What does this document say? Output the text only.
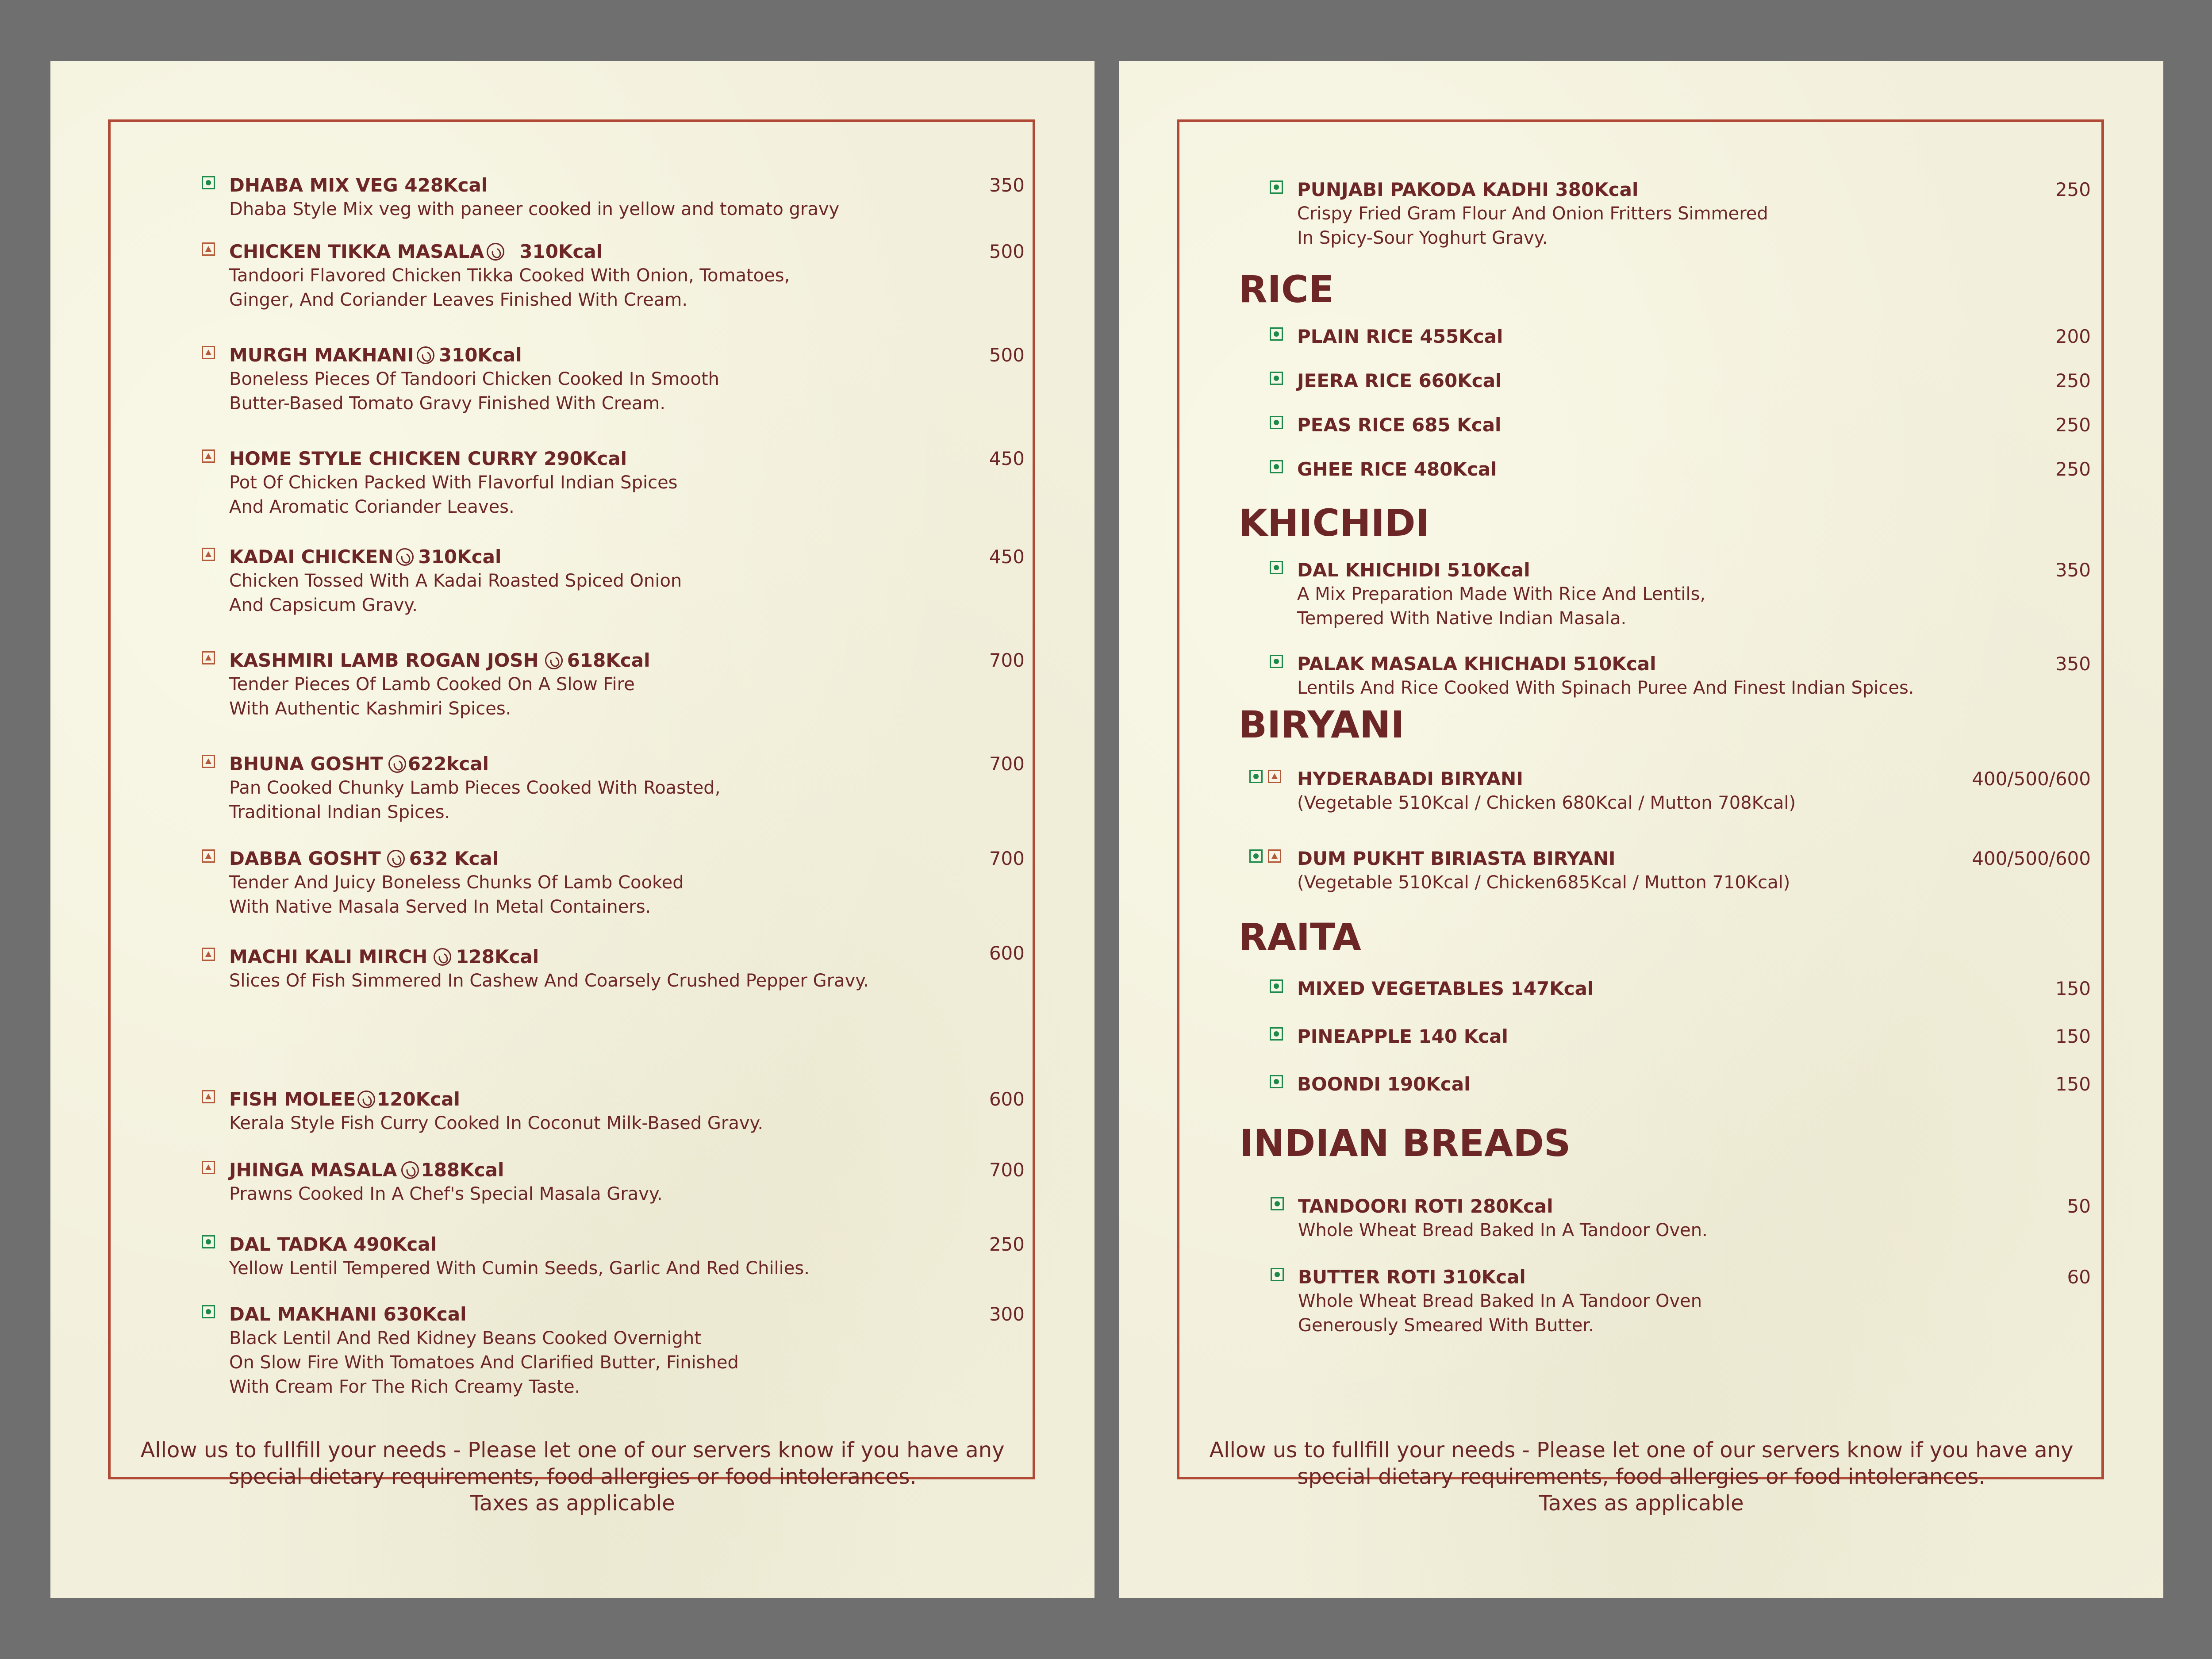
DHABA MIX VEG 428Kcal
Dhaba Style Mix veg with paneer cooked in yellow and tomato gravy
350
CHICKEN TIKKA MASALA 310Kcal
Tandoori Flavored Chicken Tikka Cooked With Onion, Tomatoes,
Ginger, And Coriander Leaves Finished With Cream.
500
MURGH MAKHANI 310Kcal
Boneless Pieces Of Tandoori Chicken Cooked In Smooth
Butter-Based Tomato Gravy Finished With Cream.
500
HOME STYLE CHICKEN CURRY 290Kcal
Pot Of Chicken Packed With Flavorful Indian Spices
And Aromatic Coriander Leaves.
450
KADAI CHICKEN 310Kcal
Chicken Tossed With A Kadai Roasted Spiced Onion
And Capsicum Gravy.
450
KASHMIRI LAMB ROGAN JOSH 618Kcal
Tender Pieces Of Lamb Cooked On A Slow Fire
With Authentic Kashmiri Spices.
700
BHUNA GOSHT 622kcal
Pan Cooked Chunky Lamb Pieces Cooked With Roasted,
Traditional Indian Spices.
700
DABBA GOSHT 632 Kcal
Tender And Juicy Boneless Chunks Of Lamb Cooked
With Native Masala Served In Metal Containers.
700
MACHI KALI MIRCH 128Kcal
Slices Of Fish Simmered In Cashew And Coarsely Crushed Pepper Gravy.
600
FISH MOLEE 120Kcal
Kerala Style Fish Curry Cooked In Coconut Milk-Based Gravy.
600
JHINGA MASALA 188Kcal
Prawns Cooked In A Chef's Special Masala Gravy.
700
DAL TADKA 490Kcal
Yellow Lentil Tempered With Cumin Seeds, Garlic And Red Chilies.
250
DAL MAKHANI 630Kcal
Black Lentil And Red Kidney Beans Cooked Overnight
On Slow Fire With Tomatoes And Clarified Butter, Finished
With Cream For The Rich Creamy Taste.
300
Allow us to fullfill your needs - Please let one of our servers know if you have any
special dietary requirements, food allergies or food intolerances.
Taxes as applicable
PUNJABI PAKODA KADHI 380Kcal
Crispy Fried Gram Flour And Onion Fritters Simmered
In Spicy-Sour Yoghurt Gravy.
250
RICE
PLAIN RICE 455Kcal	200
JEERA RICE 660Kcal	250
PEAS RICE 685 Kcal	250
GHEE RICE 480Kcal	250
KHICHIDI
DAL KHICHIDI 510Kcal
A Mix Preparation Made With Rice And Lentils,
Tempered With Native Indian Masala.
350
PALAK MASALA KHICHADI 510Kcal
Lentils And Rice Cooked With Spinach Puree And Finest Indian Spices.
350
BIRYANI
HYDERABADI BIRYANI
(Vegetable 510Kcal / Chicken 680Kcal / Mutton 708Kcal)
400/500/600
DUM PUKHT BIRIASTA BIRYANI
(Vegetable 510Kcal / Chicken685Kcal / Mutton 710Kcal)
400/500/600
RAITA
MIXED VEGETABLES 147Kcal	150
PINEAPPLE 140 Kcal	150
BOONDI 190Kcal	150
INDIAN BREADS
TANDOORI ROTI 280Kcal
Whole Wheat Bread Baked In A Tandoor Oven.
50
BUTTER ROTI 310Kcal
Whole Wheat Bread Baked In A Tandoor Oven
Generously Smeared With Butter.
60
Allow us to fullfill your needs - Please let one of our servers know if you have any
special dietary requirements, food allergies or food intolerances.
Taxes as applicable
